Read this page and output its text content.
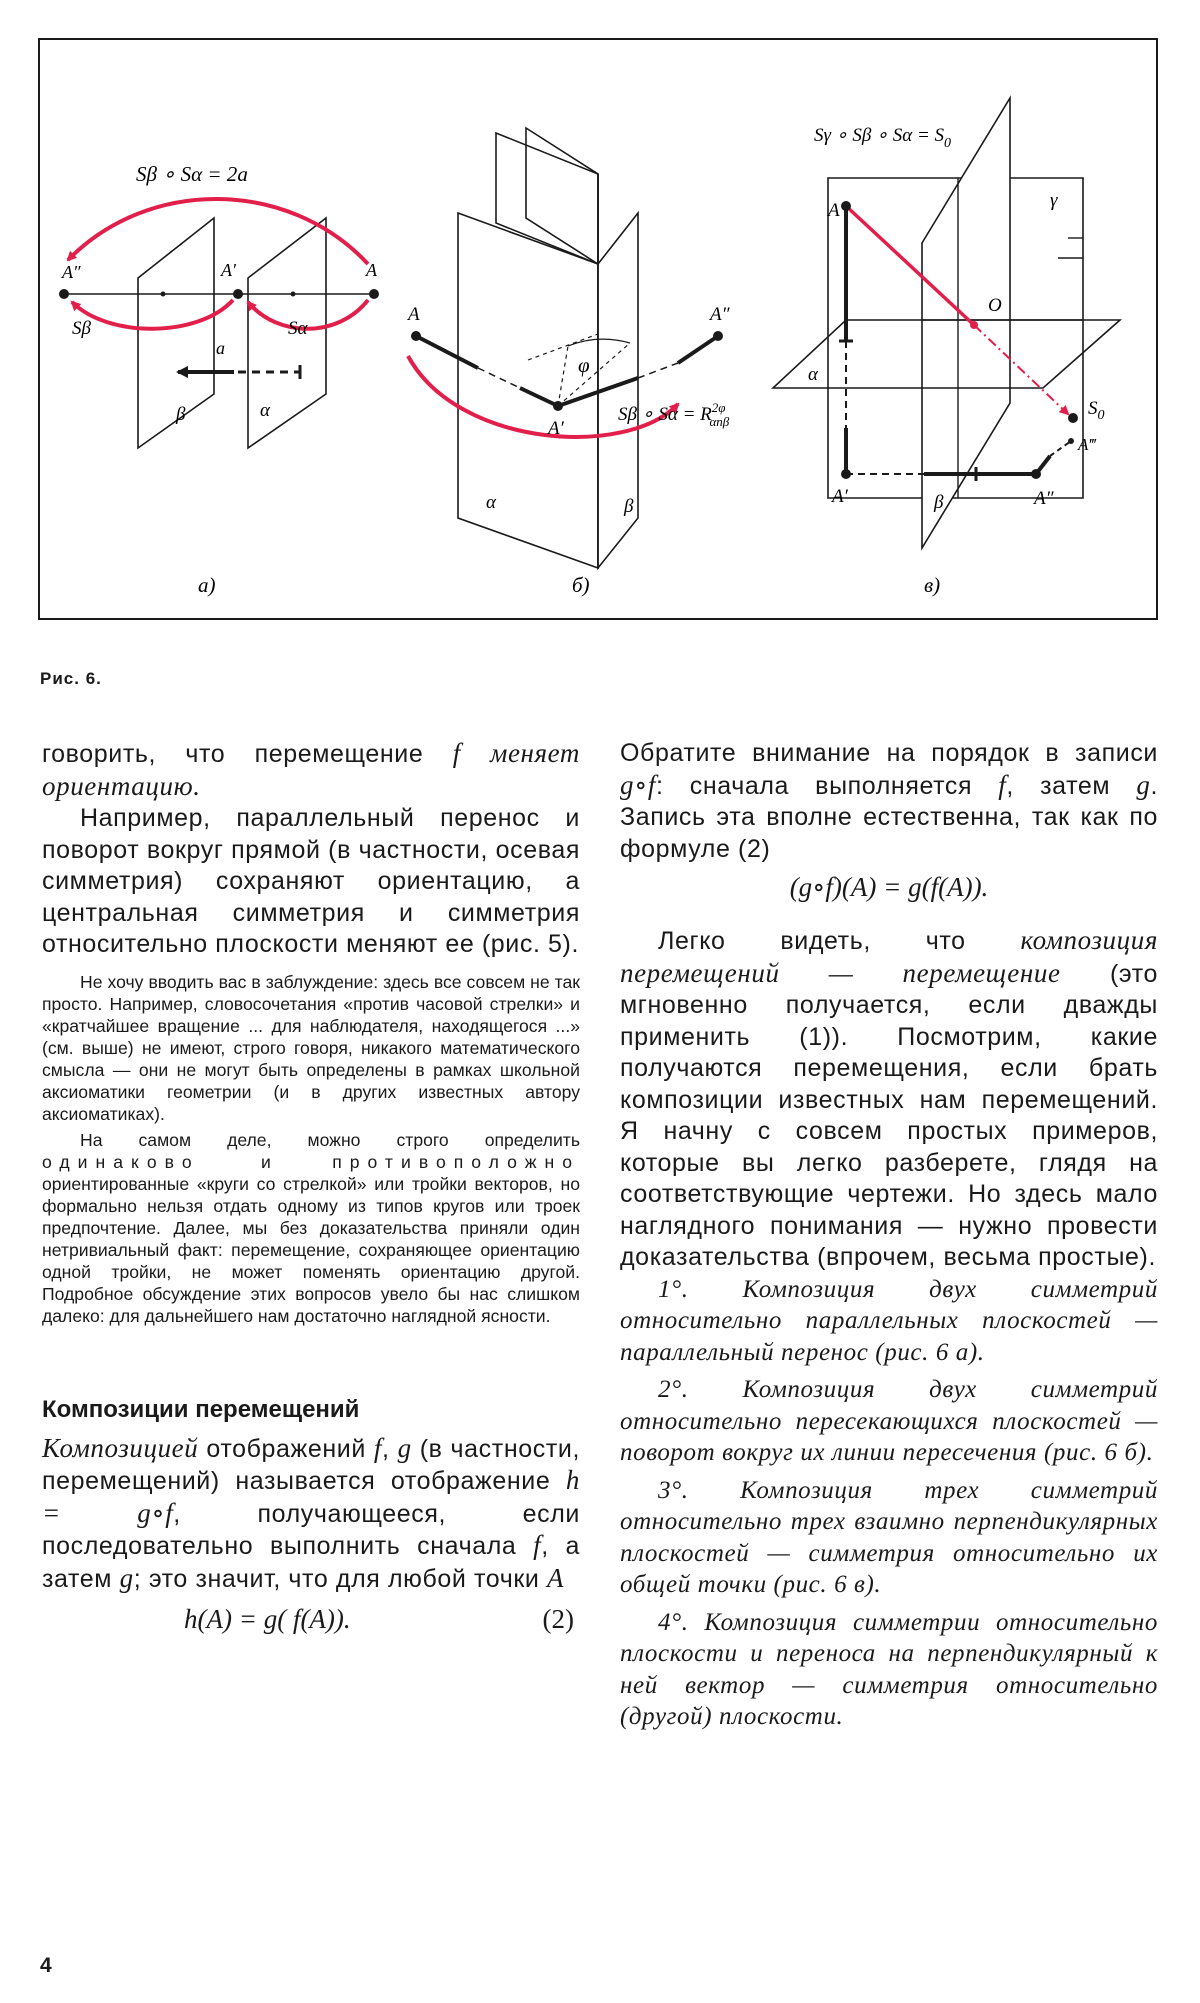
Sβ ∘ Sα = 2a⃗
A″	A′	A
Sβ	Sα
a⃗
β	α
а)
A	A″
A′
φ
Sβ ∘ $S\alpha = R^{2\varphi}$ αnβ
α	β
б)
Sγ ∘ Sβ ∘ $S\alpha = S_0$
A	γ
O
α
$S_0$
A‴
A′	β	A″
в)
Рис. 6.

говорить, что перемещение f меняет ориентацию.

Например, параллельный перенос и поворот вокруг прямой (в частности, осевая симметрия) сохраняют ориентацию, а центральная симметрия и симметрия относительно плоскости меняют ее (рис. 5).

Не хочу вводить вас в заблуждение: здесь все совсем не так просто. Например, словосочетания «против часовой стрелки» и «кратчайшее вращение ... для наблюдателя, находящегося ...» (см. выше) не имеют, строго говоря, никакого математического смысла — они не могут быть определены в рамках школьной аксиоматики геометрии (и в других известных автору аксиоматиках).

На самом деле, можно строго определить одинаково и противоположно ориентированные «круги со стрелкой» или тройки векторов, но формально нельзя отдать одному из типов кругов или троек предпочтение. Далее, мы без доказательства приняли один нетривиальный факт: перемещение, сохраняющее ориентацию одной тройки, не может поменять ориентацию другой. Подробное обсуждение этих вопросов увело бы нас слишком далеко: для дальнейшего нам достаточно наглядной ясности.

Композиции перемещений

Композицией отображений f, g (в частности, перемещений) называется отображение h = g∘f, получающееся, если последовательно выполнить сначала f, а затем g; это значит, что для любой точки A

h(A) = g( f(A)).	(2)

Обратите внимание на порядок в записи g∘f: сначала выполняется f, затем g. Запись эта вполне естественна, так как по формуле (2)

(g∘f)(A) = g(f(A)).

Легко видеть, что композиция перемещений — перемещение (это мгновенно получается, если дважды применить (1)). Посмотрим, какие получаются перемещения, если брать композиции известных нам перемещений. Я начну с совсем простых примеров, которые вы легко разберете, глядя на соответствующие чертежи. Но здесь мало наглядного понимания — нужно провести доказательства (впрочем, весьма простые).

1°. Композиция двух симметрий относительно параллельных плоскостей — параллельный перенос (рис. 6 а).

2°. Композиция двух симметрий относительно пересекающихся плоскостей — поворот вокруг их линии пересечения (рис. 6 б).

3°. Композиция трех симметрий относительно трех взаимно перпендикулярных плоскостей — симметрия относительно их общей точки (рис. 6 в).

4°. Композиция симметрии относительно плоскости и переноса на перпендикулярный к ней вектор — симметрия относительно (другой) плоскости.

4
